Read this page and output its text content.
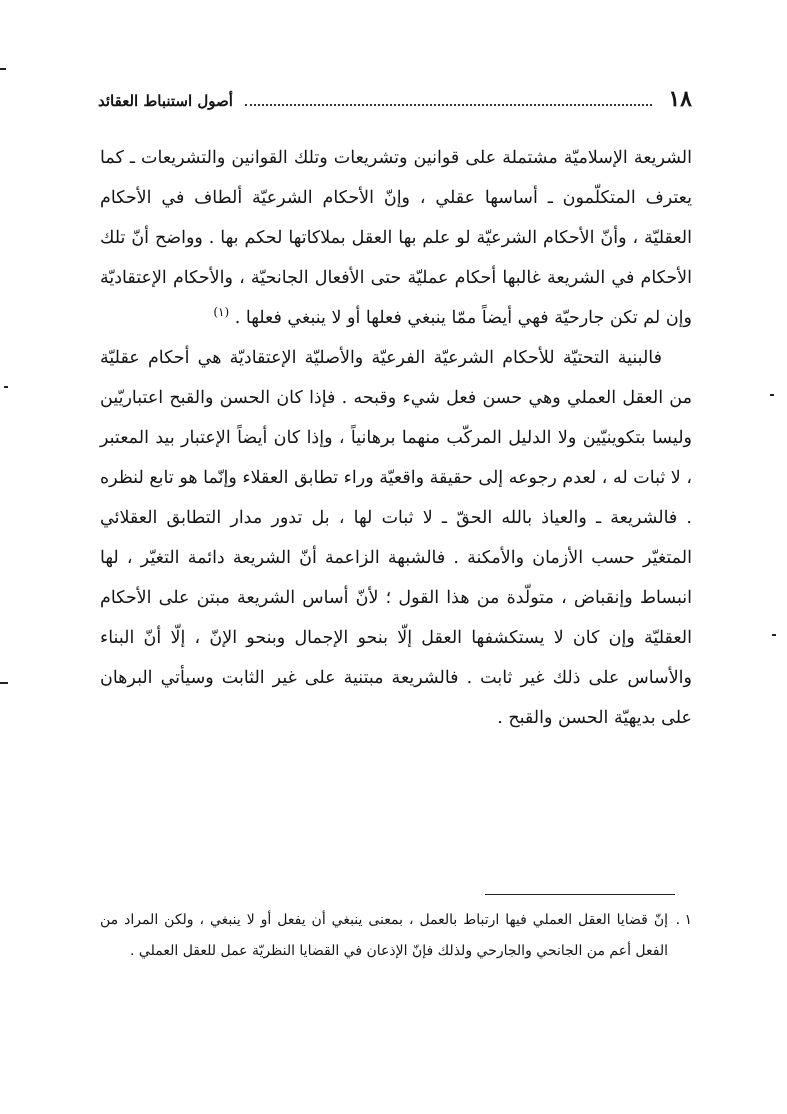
١٨
أصول استنباط العقائد

الشريعة الإسلاميّة مشتملة على قوانين وتشريعات وتلك القوانين والتشريعات ـ كما يعترف المتكلّمون ـ أساسها عقلي ، وإنّ الأحكام الشرعيّة ألطاف في الأحكام العقليّة ، وأنّ الأحكام الشرعيّة لو علم بها العقل بملاكاتها لحكم بها . وواضح أنّ تلك الأحكام في الشريعة غالبها أحكام عمليّة حتى الأفعال الجانحيّة ، والأحكام الإعتقاديّة وإن لم تكن جارحيّة فهي أيضاً ممّا ينبغي فعلها أو لا ينبغي فعلها . $^{(١)}$

فالبنية التحتيّة للأحكام الشرعيّة الفرعيّة والأصليّة الإعتقاديّة هي أحكام عقليّة من العقل العملي وهي حسن فعل شيء وقبحه . فإذا كان الحسن والقبح اعتباريّين وليسا بتكوينيّين ولا الدليل المركّب منهما برهانياً ، وإذا كان أيضاً الإعتبار بيد المعتبر ، لا ثبات له ، لعدم رجوعه إلى حقيقة واقعيّة وراء تطابق العقلاء وإنّما هو تابع لنظره . فالشريعة ـ والعياذ بالله الحقّ ـ لا ثبات لها ، بل تدور مدار التطابق العقلائي المتغيّر حسب الأزمان والأمكنة . فالشبهة الزاعمة أنّ الشريعة دائمة التغيّر ، لها انبساط وإنقباض ، متولّدة من هذا القول ؛ لأنّ أساس الشريعة مبتن على الأحكام العقليّة وإن كان لا يستكشفها العقل إلّا بنحو الإجمال وبنحو الإنّ ، إلّا أنّ البناء والأساس على ذلك غير ثابت . فالشريعة مبتنية على غير الثابت وسيأتي البرهان على بديهيّة الحسن والقبح .

١ .
إنّ قضايا العقل العملي فيها ارتباط بالعمل ، بمعنى ينبغي أن يفعل أو لا ينبغي ، ولكن المراد من الفعل أعم من الجانحي والجارحي ولذلك فإنّ الإذعان في القضايا النظريّة عمل للعقل العملي .
